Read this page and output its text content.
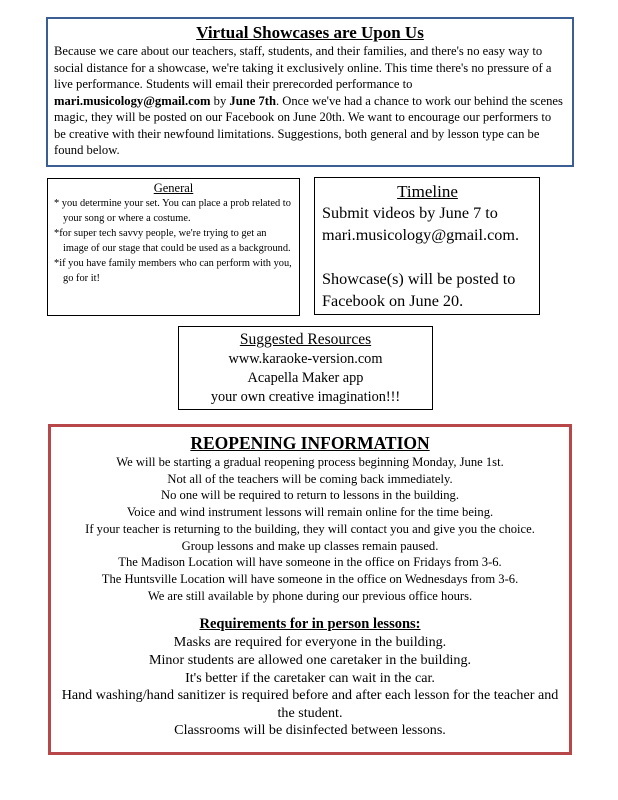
Virtual Showcases are Upon Us

Because we care about our teachers, staff, students, and their families, and there's no easy way to social distance for a showcase, we're taking it exclusively online. This time there's no pressure of a live performance. Students will email their prerecorded performance to mari.musicology@gmail.com by June 7th. Once we've had a chance to work our behind the scenes magic, they will be posted on our Facebook on June 20th. We want to encourage our performers to be creative with their newfound limitations. Suggestions, both general and by lesson type can be found below.

General
* you determine your set. You can place a prob related to your song or where a costume.
*for super tech savvy people, we're trying to get an image of our stage that could be used as a background.
*if you have family members who can perform with you, go for it!
Timeline

Submit videos by June 7 to mari.musicology@gmail.com.

Showcase(s) will be posted to Facebook on June 20.

Suggested Resources
www.karaoke-version.com
Acapella Maker app
your own creative imagination!!!
REOPENING INFORMATION
We will be starting a gradual reopening process beginning Monday, June 1st.
Not all of the teachers will be coming back immediately.
No one will be required to return to lessons in the building.
Voice and wind instrument lessons will remain online for the time being.
If your teacher is returning to the building, they will contact you and give you the choice.
Group lessons and make up classes remain paused.
The Madison Location will have someone in the office on Fridays from 3-6.
The Huntsville Location will have someone in the office on Wednesdays from 3-6.
We are still available by phone during our previous office hours.
Requirements for in person lessons:
Masks are required for everyone in the building.
Minor students are allowed one caretaker in the building.
It's better if the caretaker can wait in the car.
Hand washing/hand sanitizer is required before and after each lesson for the teacher and the student.
Classrooms will be disinfected between lessons.
